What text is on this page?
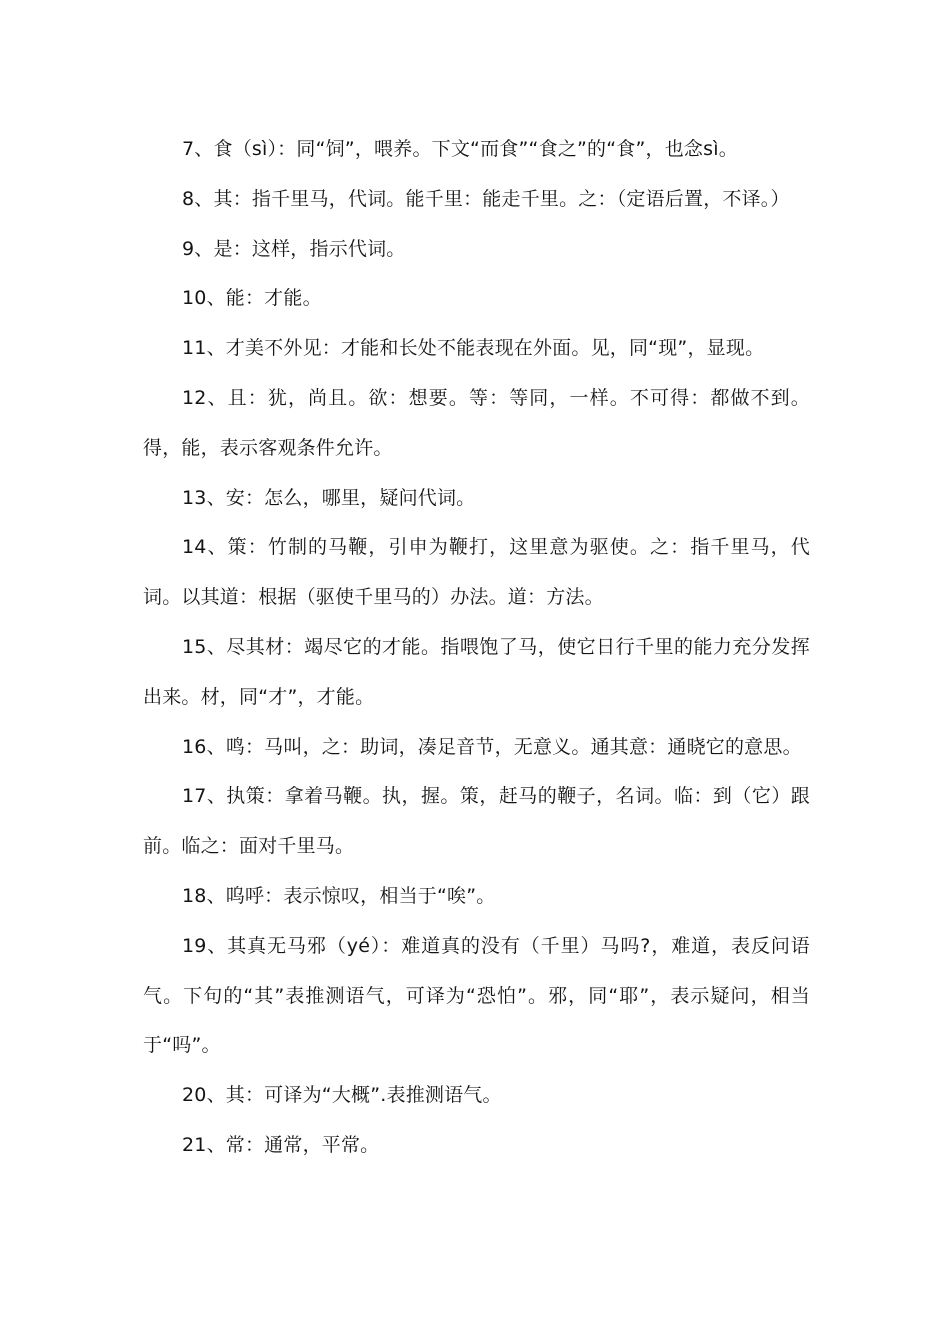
7、食（sì）：同“饲”，喂养。下文“而食”“食之”的“食”，也念sì。

8、其：指千里马，代词。能千里：能走千里。之：（定语后置，不译。）

9、是：这样，指示代词。

10、能：才能。

11、才美不外见：才能和长处不能表现在外面。见，同“现”，显现。

12、且：犹，尚且。欲：想要。等：等同，一样。不可得：都做不到。得，能，表示客观条件允许。

13、安：怎么，哪里，疑问代词。

14、策：竹制的马鞭，引申为鞭打，这里意为驱使。之：指千里马，代词。以其道：根据（驱使千里马的）办法。道：方法。

15、尽其材：竭尽它的才能。指喂饱了马，使它日行千里的能力充分发挥出来。材，同“才”，才能。

16、鸣：马叫，之：助词，凑足音节，无意义。通其意：通晓它的意思。

17、执策：拿着马鞭。执，握。策，赶马的鞭子，名词。临：到（它）跟前。临之：面对千里马。

18、呜呼：表示惊叹，相当于“唉”。

19、其真无马邪（yé）：难道真的没有（千里）马吗?，难道，表反问语气。下句的“其”表推测语气，可译为“恐怕”。邪，同“耶”，表示疑问，相当于“吗”。

20、其：可译为“大概”.表推测语气。

21、常：通常，平常。
